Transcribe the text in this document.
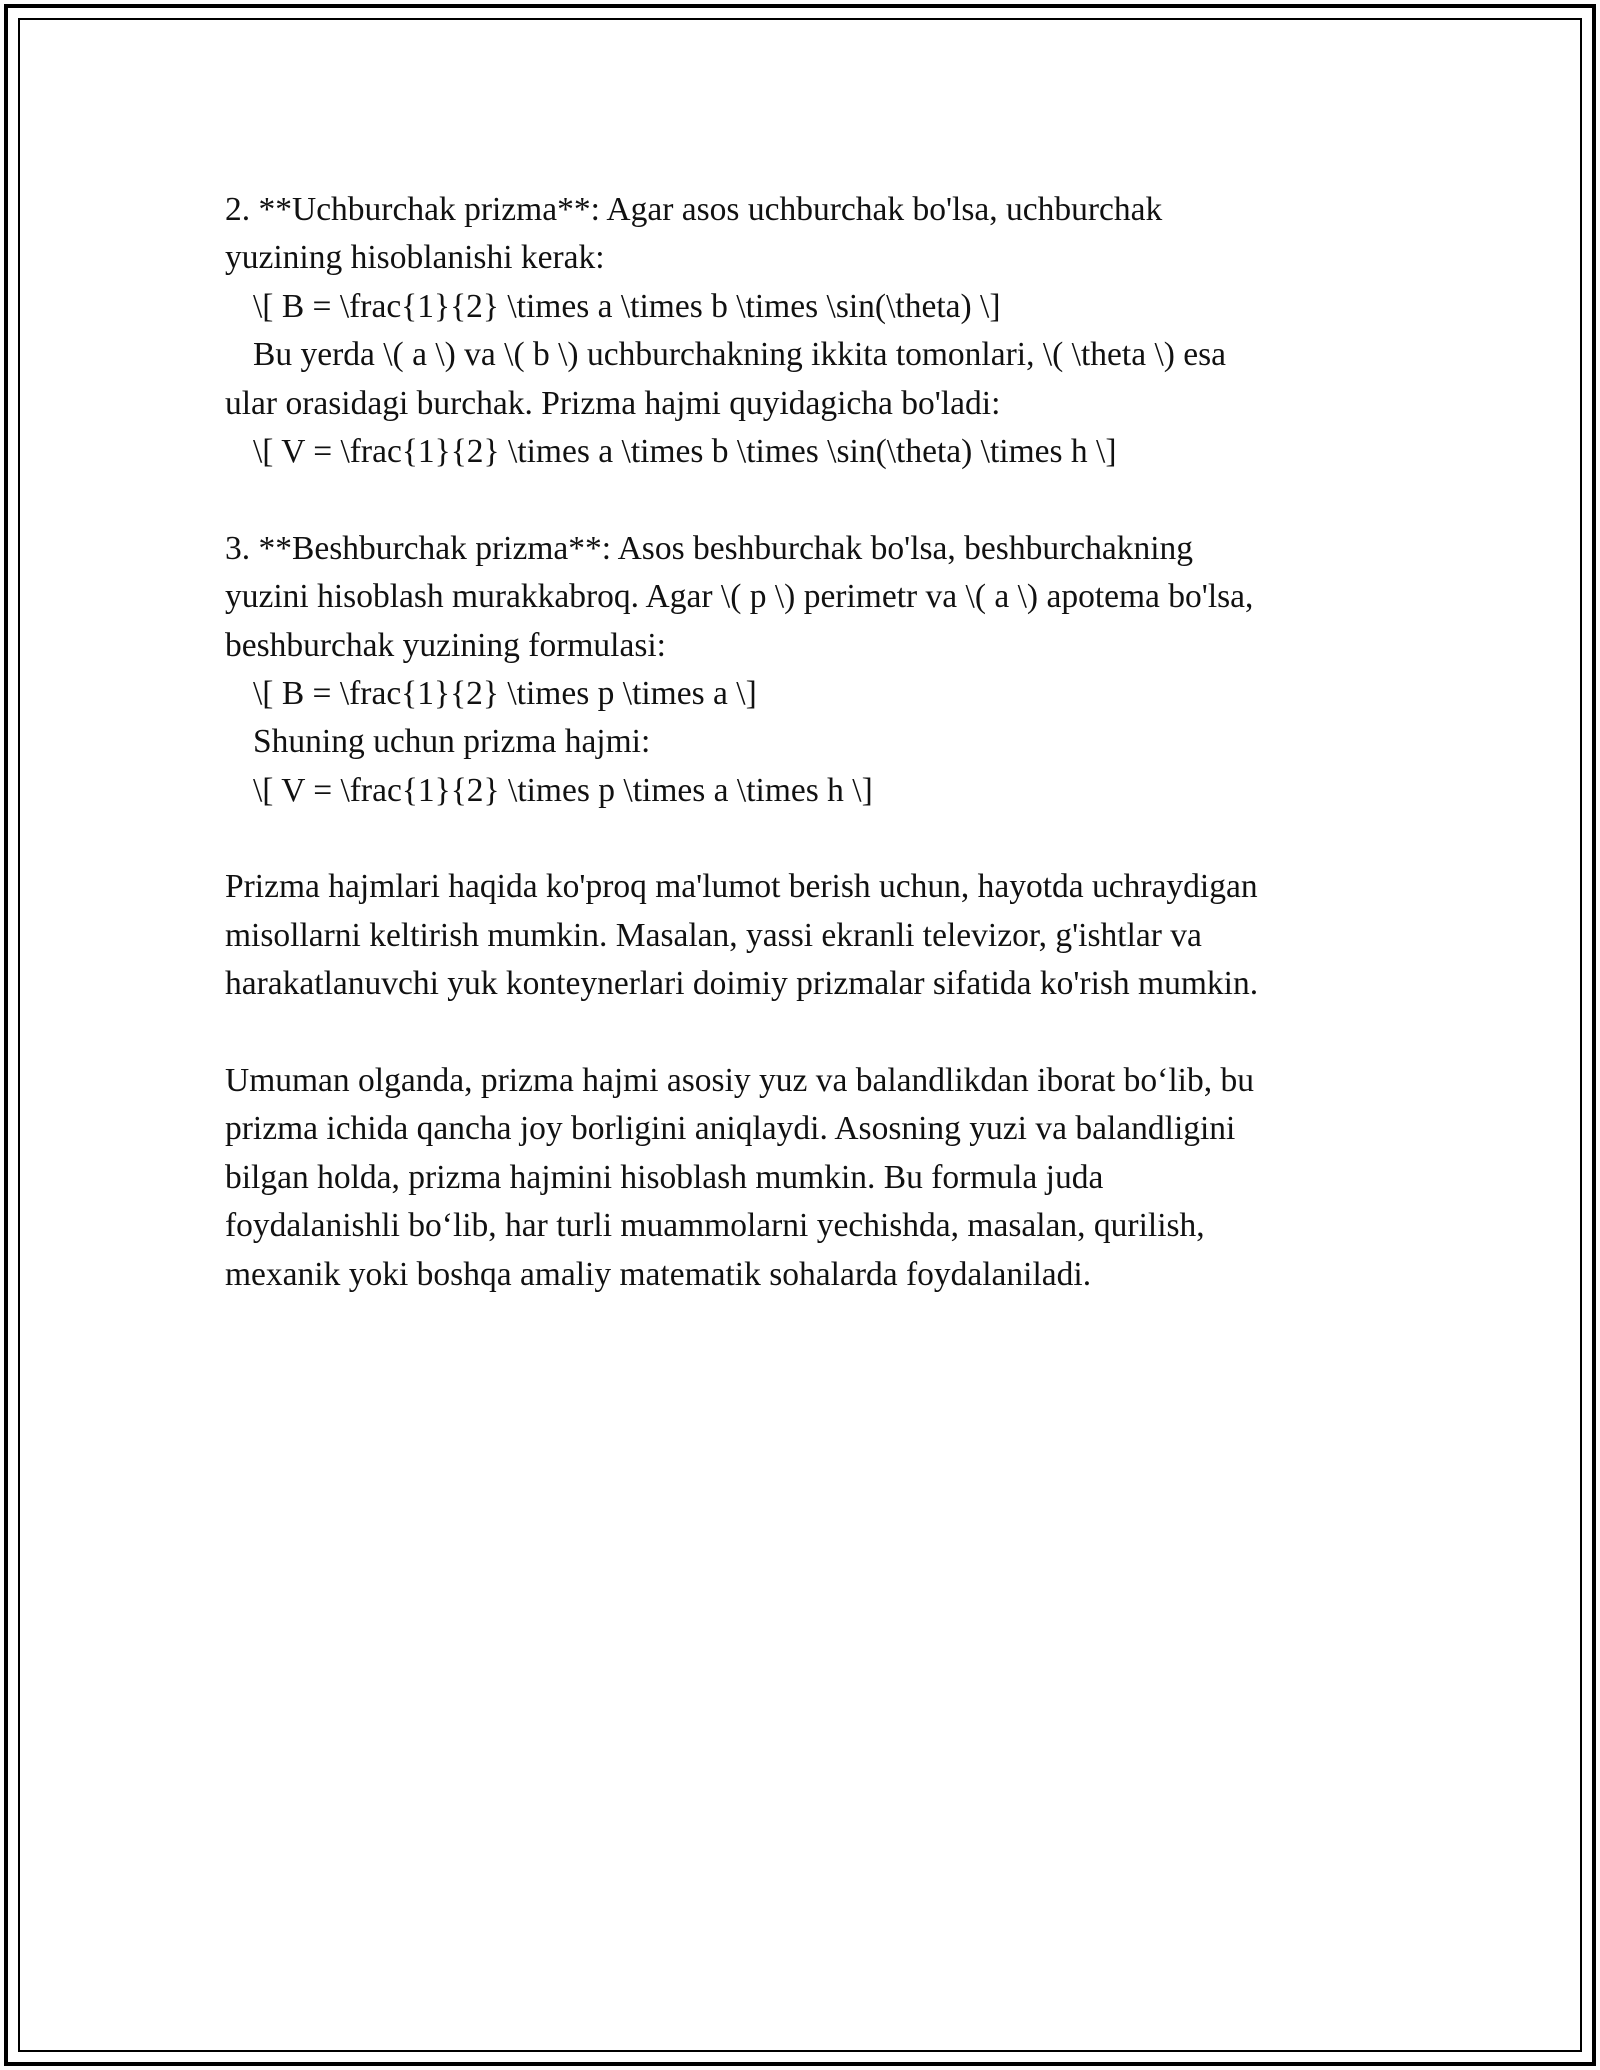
2. **Uchburchak prizma**: Agar asos uchburchak bo'lsa, uchburchak
yuzining hisoblanishi kerak:
\[ B = \frac{1}{2} \times a \times b \times \sin(\theta) \]
Bu yerda \( a \) va \( b \) uchburchakning ikkita tomonlari, \( \theta \) esa
ular orasidagi burchak. Prizma hajmi quyidagicha bo'ladi:
\[ V = \frac{1}{2} \times a \times b \times \sin(\theta) \times h \]
3. **Beshburchak prizma**: Asos beshburchak bo'lsa, beshburchakning
yuzini hisoblash murakkabroq. Agar \( p \) perimetr va \( a \) apotema bo'lsa,
beshburchak yuzining formulasi:
\[ B = \frac{1}{2} \times p \times a \]
Shuning uchun prizma hajmi:
\[ V = \frac{1}{2} \times p \times a \times h \]
Prizma hajmlari haqida ko'proq ma'lumot berish uchun, hayotda uchraydigan
misollarni keltirish mumkin. Masalan, yassi ekranli televizor, g'ishtlar va
harakatlanuvchi yuk konteynerlari doimiy prizmalar sifatida ko'rish mumkin.
Umuman olganda, prizma hajmi asosiy yuz va balandlikdan iborat bo‘lib, bu
prizma ichida qancha joy borligini aniqlaydi. Asosning yuzi va balandligini
bilgan holda, prizma hajmini hisoblash mumkin. Bu formula juda
foydalanishli bo‘lib, har turli muammolarni yechishda, masalan, qurilish,
mexanik yoki boshqa amaliy matematik sohalarda foydalaniladi.
